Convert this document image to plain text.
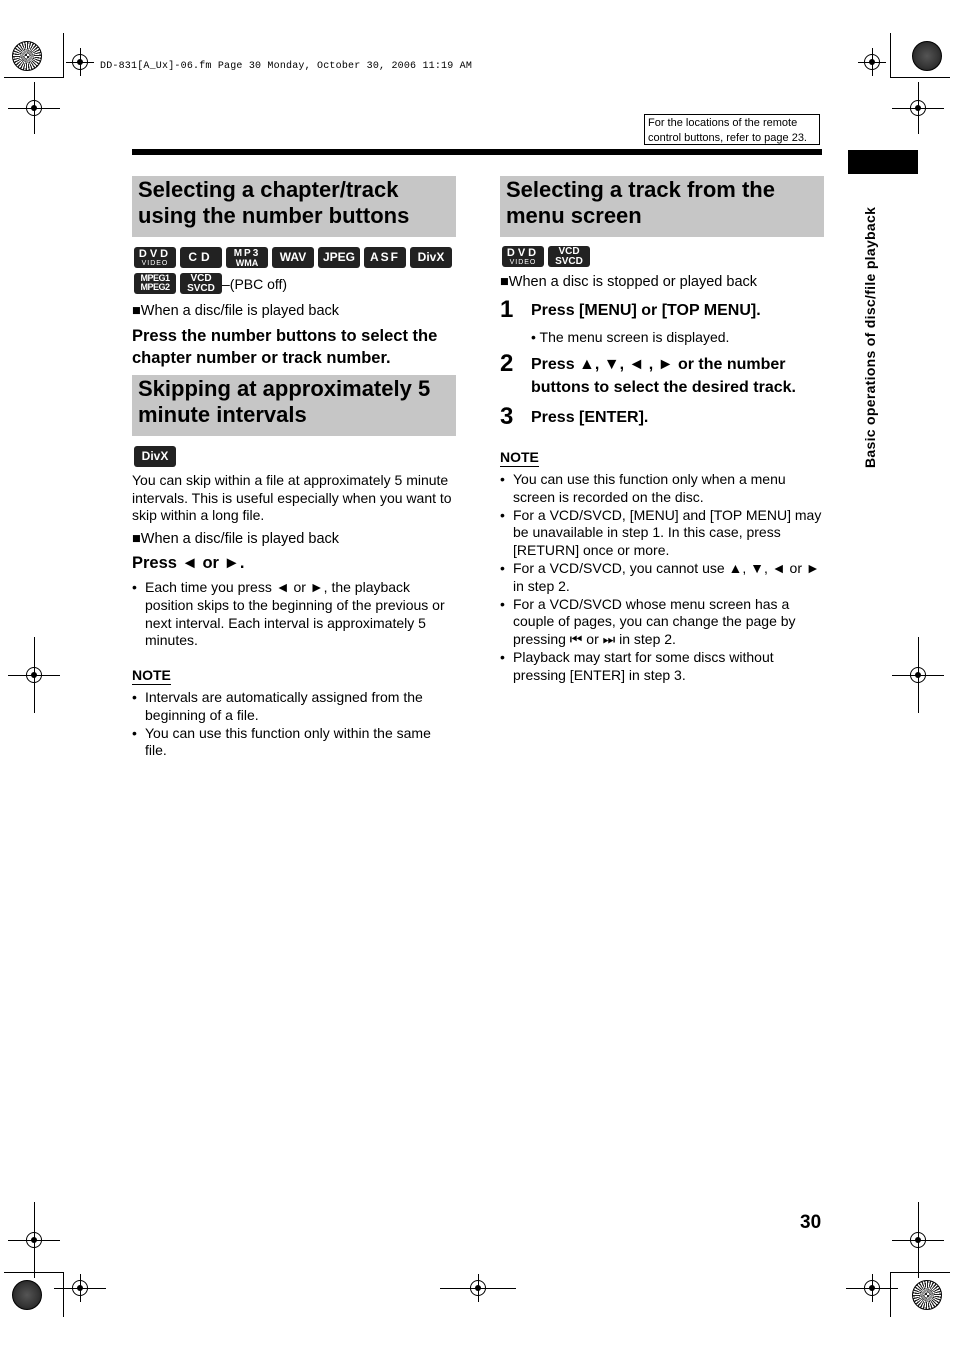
DD-831[A_Ux]-06.fm Page 30 Monday, October 30, 2006 11:19 AM
For the locations of the remote control buttons, refer to page 23.
Basic operations of disc/file playback
Selecting a chapter/track using the number buttons
DVD
VIDEO	CD	MP3
WMA	WAV	JPEG	ASF	DivX
MPEG1
MPEG2
VCD
SVCD –(PBC off)
■When a disc/file is played back
Press the number buttons to select the chapter number or track number.
Skipping at approximately 5 minute intervals
DivX
You can skip within a file at approximately 5 minute intervals. This is useful especially when you want to skip within a long file.
■When a disc/file is played back
Press ◄ or ►.
• Each time you press ◄ or ►, the playback position skips to the beginning of the previous or next interval. Each interval is approximately 5 minutes.
NOTE
• Intervals are automatically assigned from the beginning of a file.
• You can use this function only within the same file.
Selecting a track from the menu screen
DVD
VIDEO
VCD
SVCD
■When a disc is stopped or played back
1 Press [MENU] or [TOP MENU].
• The menu screen is displayed.
2 Press ▲, ▼, ◄ , ► or the number buttons to select the desired track.
3 Press [ENTER].
NOTE
• You can use this function only when a menu screen is recorded on the disc.
• For a VCD/SVCD, [MENU] and [TOP MENU] may be unavailable in step 1. In this case, press [RETURN] once or more.
• For a VCD/SVCD, you cannot use ▲, ▼, ◄ or ► in step 2.
• For a VCD/SVCD whose menu screen has a couple of pages, you can change the page by pressing ⏮ or ⏭ in step 2.
• Playback may start for some discs without pressing [ENTER] in step 3.
30
